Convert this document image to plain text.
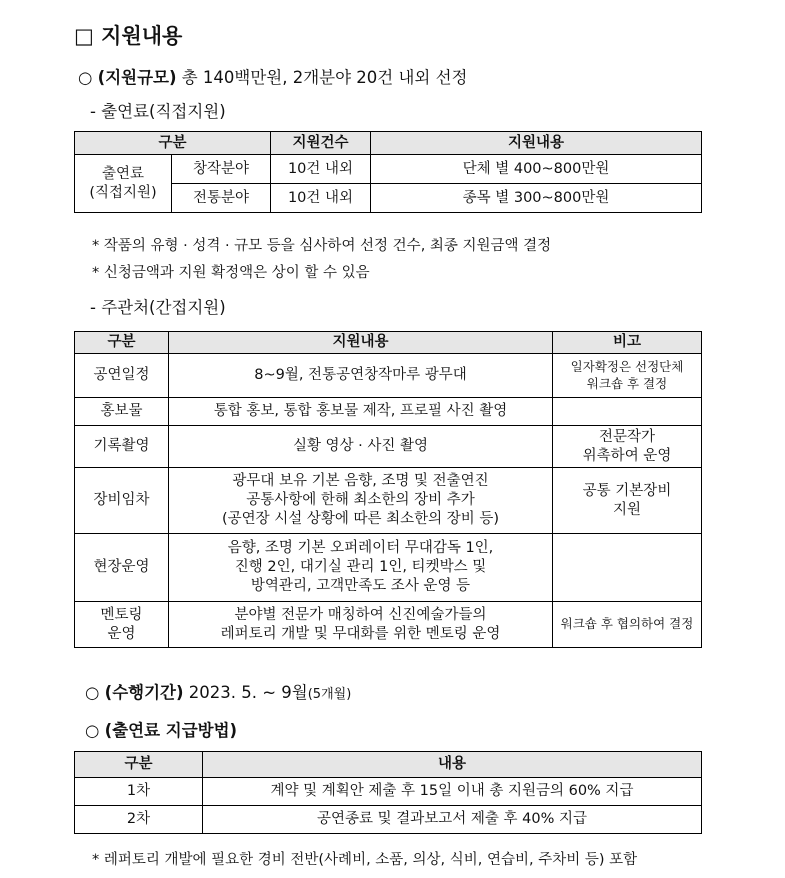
□ 지원내용
○ (지원규모) 총 140백만원, 2개분야 20건 내외 선정
- 출연료(직접지원)
구분		지원건수	지원내용
출연료
(직접지원)	창작분야	10건 내외	단체 별 400~800만원
	전통분야	10건 내외	종목 별 300~800만원
* 작품의 유형 · 성격 · 규모 등을 심사하여 선정 건수, 최종 지원금액 결정
* 신청금액과 지원 확정액은 상이 할 수 있음
- 주관처(간접지원)
구분	지원내용	비고
공연일정	8~9월, 전통공연창작마루 광무대	일자확정은 선정단체
워크숍 후 결정
홍보물	통합 홍보, 통합 홍보물 제작, 프로필 사진 촬영	
기록촬영	실황 영상 · 사진 촬영	전문작가
위촉하여 운영
장비임차	광무대 보유 기본 음향, 조명 및 전출연진
공통사항에 한해 최소한의 장비 추가
(공연장 시설 상황에 따른 최소한의 장비 등)	공통 기본장비
지원
현장운영	음향, 조명 기본 오퍼레이터 무대감독 1인,
진행 2인, 대기실 관리 1인, 티켓박스 및
방역관리, 고객만족도 조사 운영 등	
멘토링
운영	분야별 전문가 매칭하여 신진예술가들의
레퍼토리 개발 및 무대화를 위한 멘토링 운영	워크숍 후 협의하여 결정
○ (수행기간) 2023. 5. ~ 9월(5개월)
○ (출연료 지급방법)
구분	내용
1차	계약 및 계획안 제출 후 15일 이내 총 지원금의 60% 지급
2차	공연종료 및 결과보고서 제출 후 40% 지급
* 레퍼토리 개발에 필요한 경비 전반(사례비, 소품, 의상, 식비, 연습비, 주차비 등) 포함
